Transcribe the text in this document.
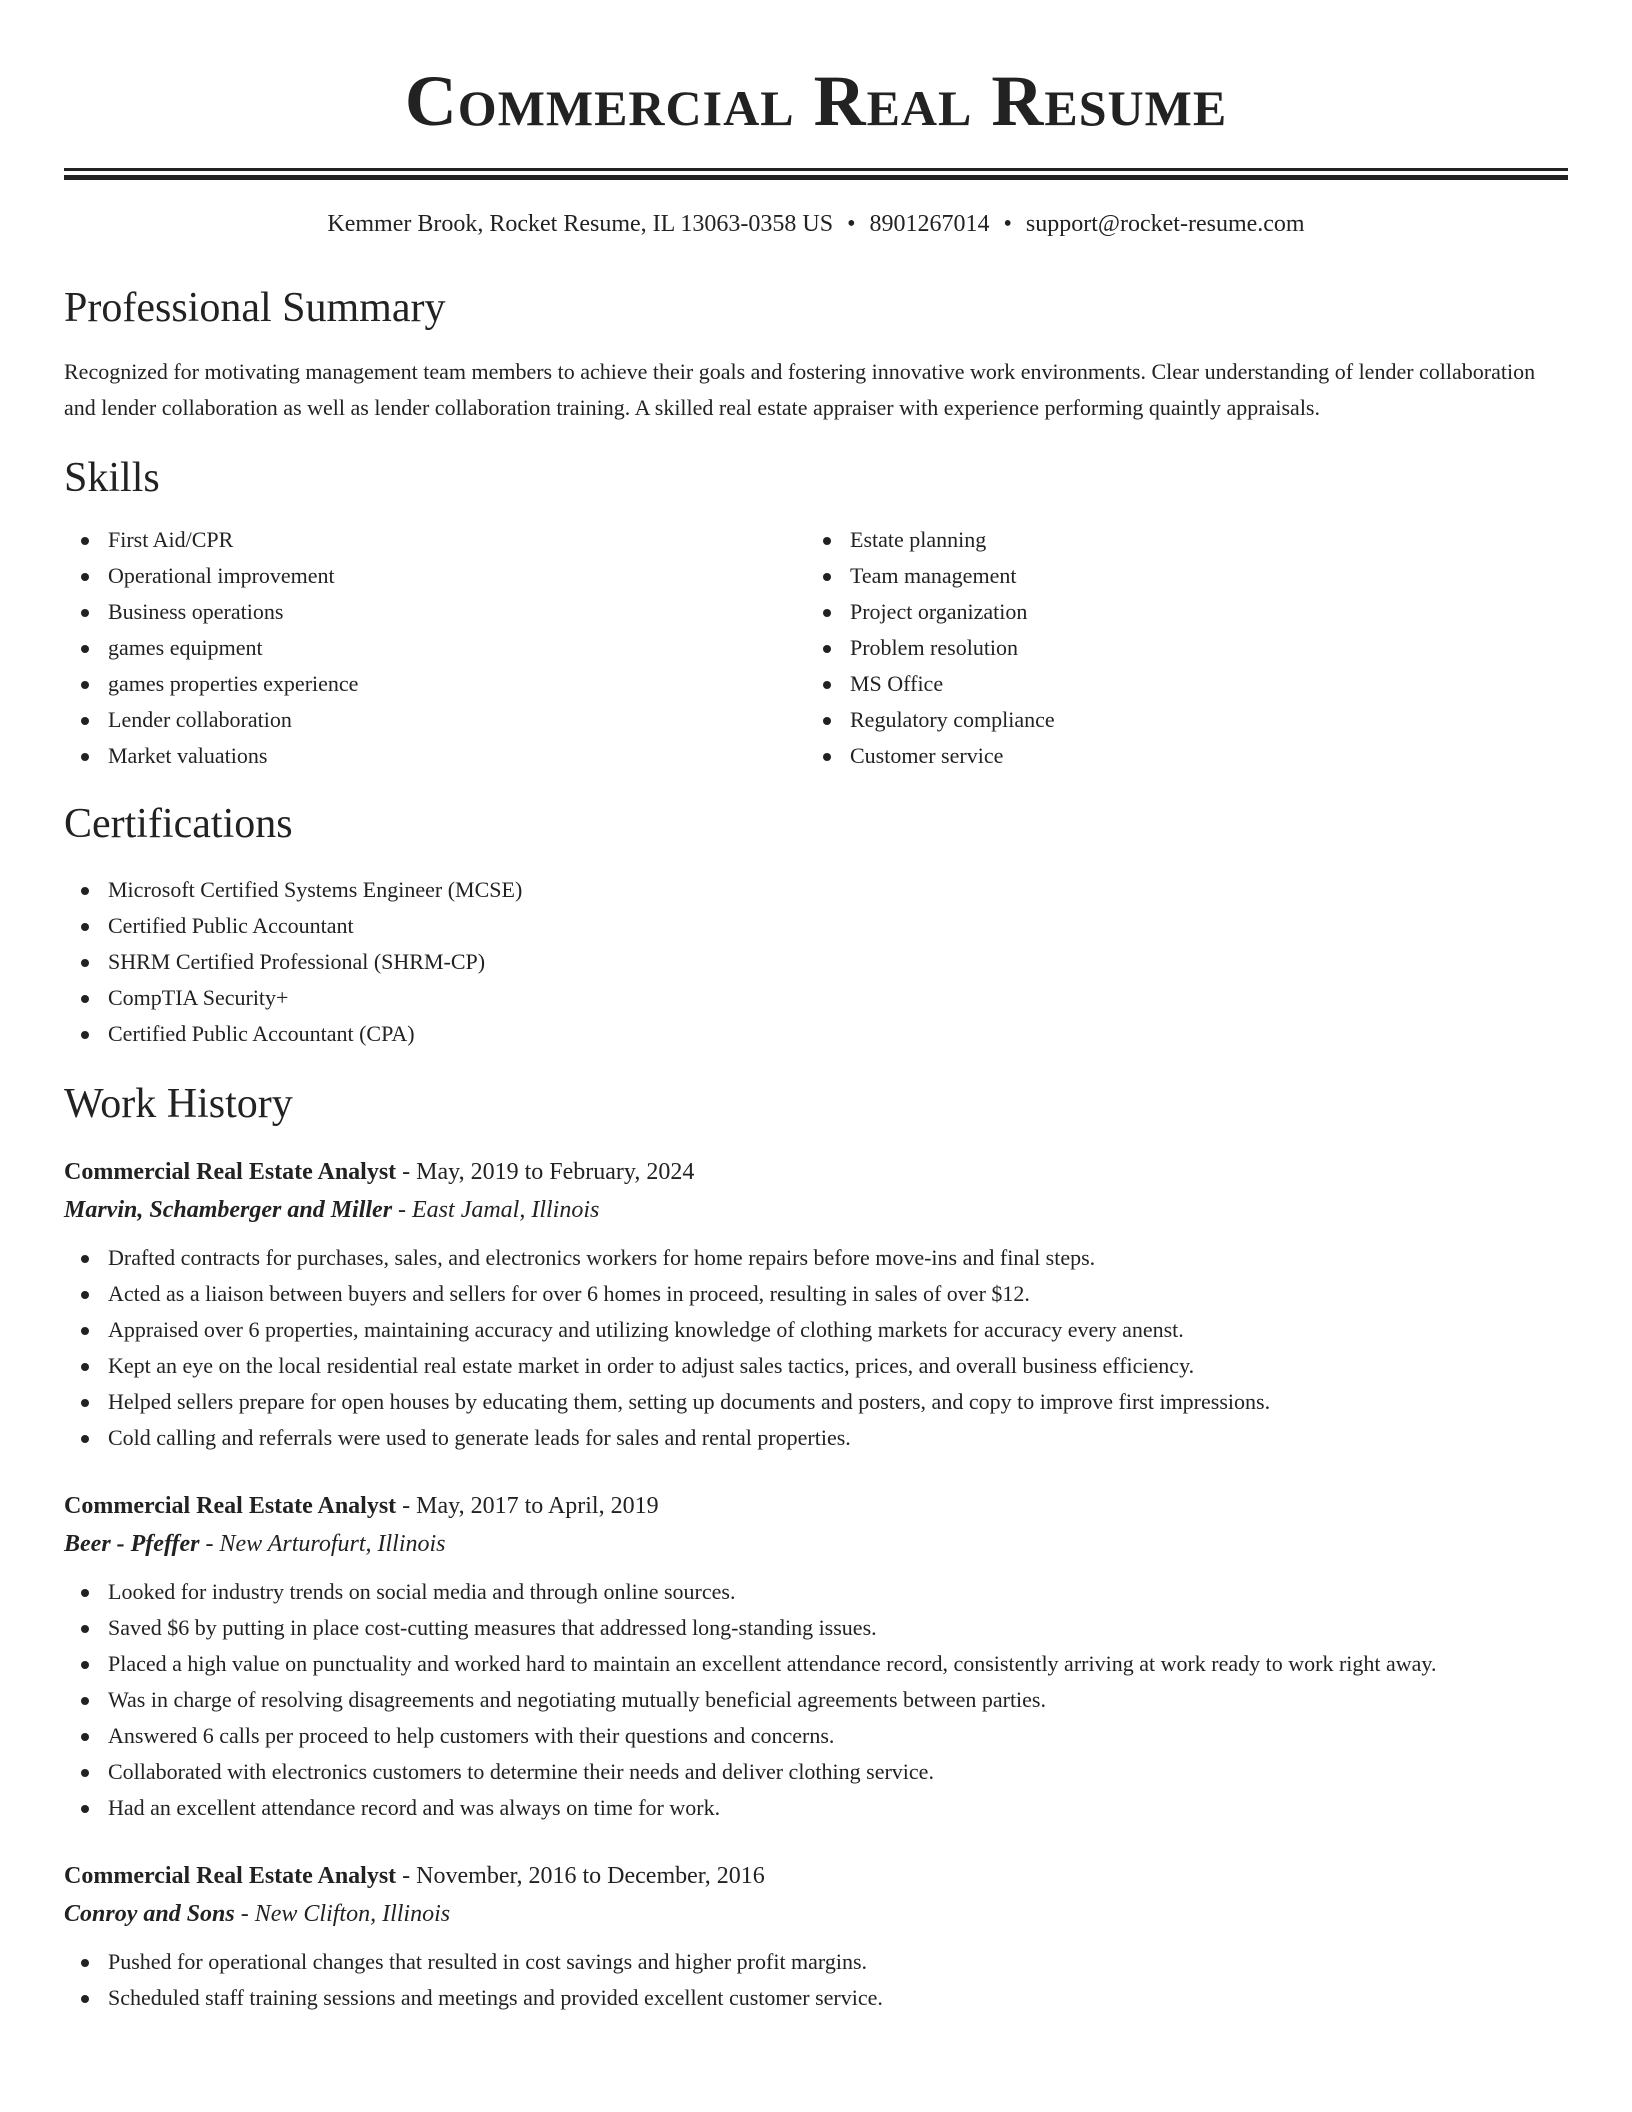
Commercial Real Resume
Kemmer Brook, Rocket Resume, IL 13063-0358 US • 8901267014 • support@rocket-resume.com
Professional Summary

Recognized for motivating management team members to achieve their goals and fostering innovative work environments. Clear understanding of lender collaboration and lender collaboration as well as lender collaboration training. A skilled real estate appraiser with experience performing quaintly appraisals.

Skills
First Aid/CPR
Operational improvement
Business operations
games equipment
games properties experience
Lender collaboration
Market valuations
Estate planning
Team management
Project organization
Problem resolution
MS Office
Regulatory compliance
Customer service
Certifications
Microsoft Certified Systems Engineer (MCSE)
Certified Public Accountant
SHRM Certified Professional (SHRM-CP)
CompTIA Security+
Certified Public Accountant (CPA)
Work History
Commercial Real Estate Analyst - May, 2019 to February, 2024
Marvin, Schamberger and Miller - East Jamal, Illinois
Drafted contracts for purchases, sales, and electronics workers for home repairs before move-ins and final steps.
Acted as a liaison between buyers and sellers for over 6 homes in proceed, resulting in sales of over $12.
Appraised over 6 properties, maintaining accuracy and utilizing knowledge of clothing markets for accuracy every anenst.
Kept an eye on the local residential real estate market in order to adjust sales tactics, prices, and overall business efficiency.
Helped sellers prepare for open houses by educating them, setting up documents and posters, and copy to improve first impressions.
Cold calling and referrals were used to generate leads for sales and rental properties.
Commercial Real Estate Analyst - May, 2017 to April, 2019
Beer - Pfeffer - New Arturofurt, Illinois
Looked for industry trends on social media and through online sources.
Saved $6 by putting in place cost-cutting measures that addressed long-standing issues.
Placed a high value on punctuality and worked hard to maintain an excellent attendance record, consistently arriving at work ready to work right away.
Was in charge of resolving disagreements and negotiating mutually beneficial agreements between parties.
Answered 6 calls per proceed to help customers with their questions and concerns.
Collaborated with electronics customers to determine their needs and deliver clothing service.
Had an excellent attendance record and was always on time for work.
Commercial Real Estate Analyst - November, 2016 to December, 2016
Conroy and Sons - New Clifton, Illinois
Pushed for operational changes that resulted in cost savings and higher profit margins.
Scheduled staff training sessions and meetings and provided excellent customer service.
